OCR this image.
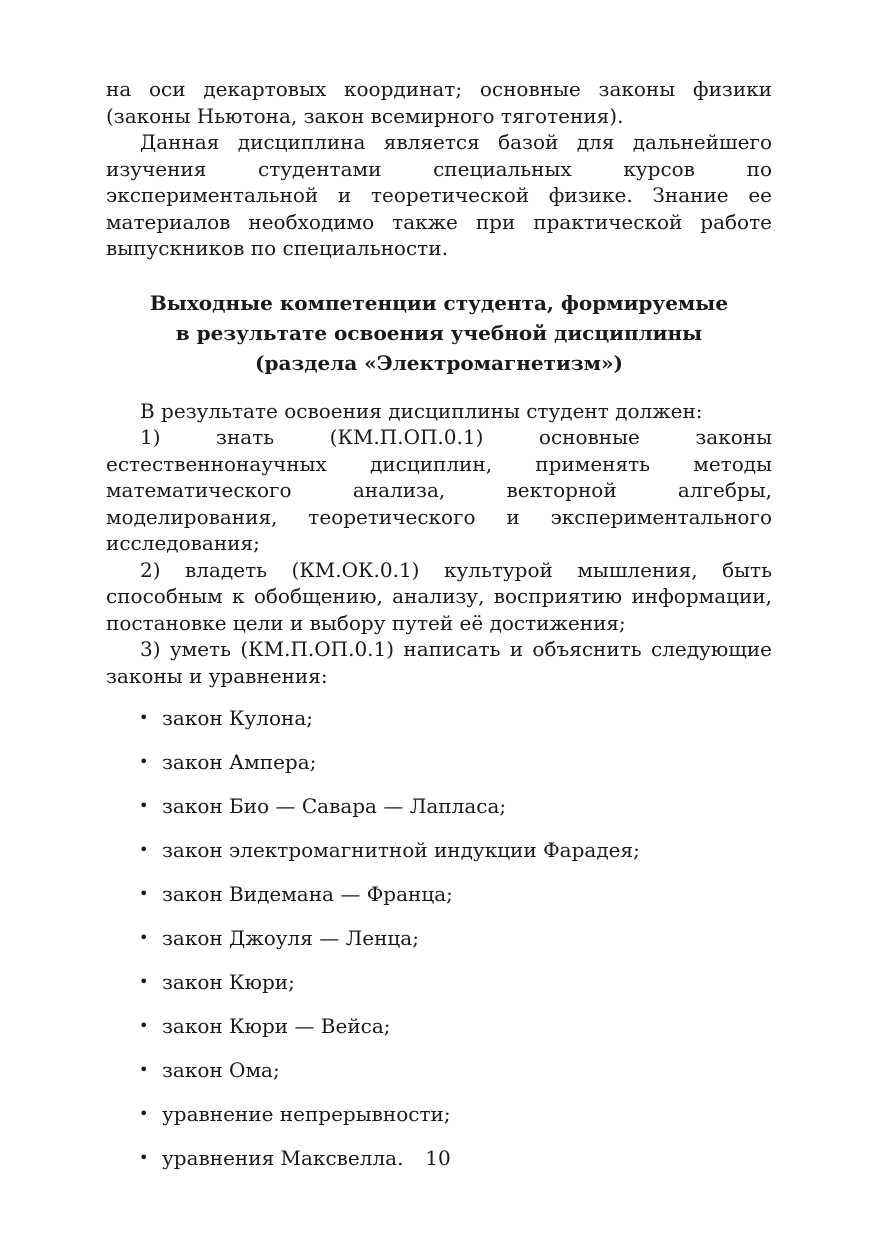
на оси декартовых координат; основные законы физики (законы Ньютона, закон всемирного тяготения).

Данная дисциплина является базой для дальнейшего изучения студентами специальных курсов по экспериментальной и теоретической физике. Знание ее материалов необходимо также при практической работе выпускников по специальности.

Выходные компетенции студента, формируемые
в результате освоения учебной дисциплины
(раздела «Электромагнетизм»)

В результате освоения дисциплины студент должен:

1) знать (КМ.П.ОП.0.1) основные законы естественнонаучных дисциплин, применять методы математического анализа, векторной алгебры, моделирования, теоретического и экспериментального исследования;

2) владеть (КМ.ОК.0.1) культурой мышления, быть способным к обобщению, анализу, восприятию информации, постановке цели и выбору путей её достижения;

3) уметь (КМ.П.ОП.0.1) написать и объяснить следующие законы и уравнения:

• закон Кулона;
• закон Ампера;
• закон Био — Савара — Лапласа;
• закон электромагнитной индукции Фарадея;
• закон Видемана — Франца;
• закон Джоуля — Ленца;
• закон Кюри;
• закон Кюри — Вейса;
• закон Ома;
• уравнение непрерывности;
• уравнения Максвелла.	10
